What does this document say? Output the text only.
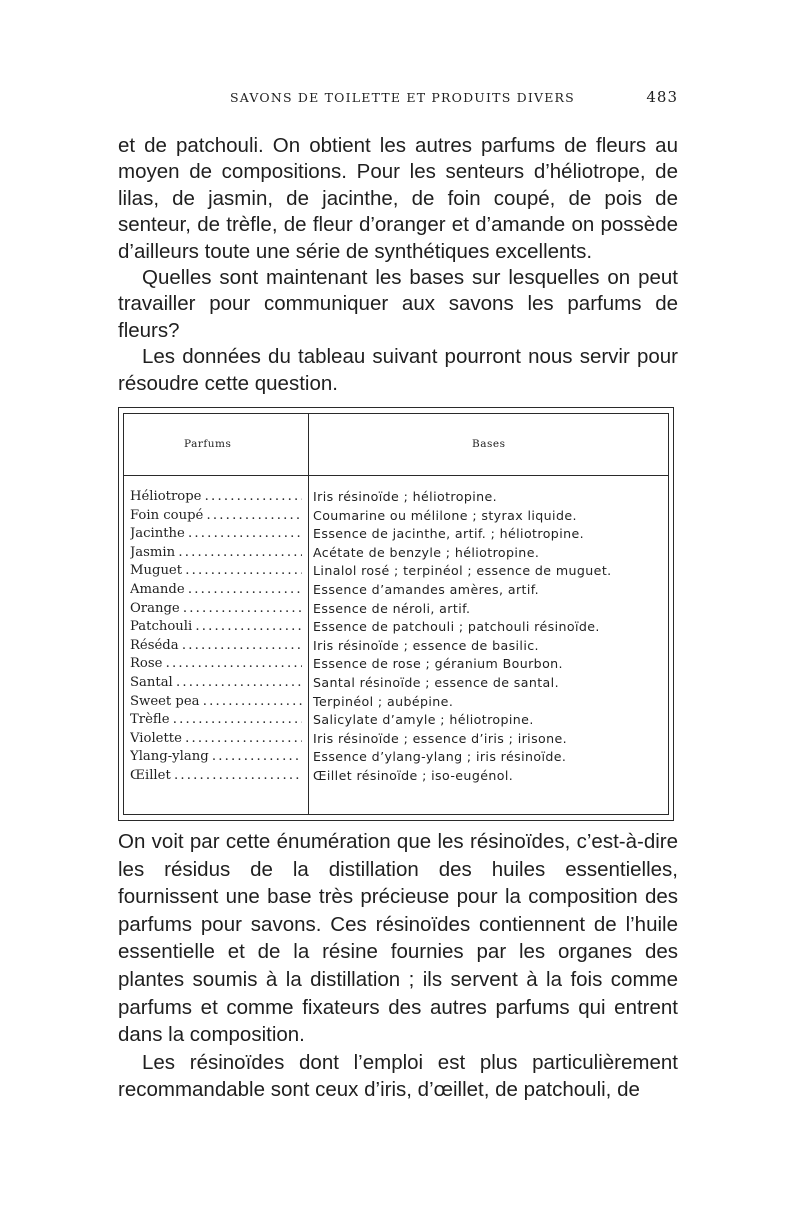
SAVONS DE TOILETTE ET PRODUITS DIVERS	483

et de patchouli. On obtient les autres parfums de fleurs au moyen de compositions. Pour les senteurs d’héliotrope, de lilas, de jasmin, de jacinthe, de foin coupé, de pois de senteur, de trèfle, de fleur d’oranger et d’amande on possède d’ailleurs toute une série de synthétiques excellents.

Quelles sont maintenant les bases sur lesquelles on peut travailler pour communiquer aux savons les parfums de fleurs?

Les données du tableau suivant pourront nous servir pour résoudre cette question.

Parfums	Bases
Héliotrope . . .	Iris résinoïde ; héliotropine.
Foin coupé . . .	Coumarine ou mélilone ; styrax liquide.
Jacinthe . . .	Essence de jacinthe, artif. ; héliotropine.
Jasmin . . .	Acétate de benzyle ; héliotropine.
Muguet . . .	Linalol rosé ; terpinéol ; essence de muguet.
Amande . . .	Essence d’amandes amères, artif.
Orange . . .	Essence de néroli, artif.
Patchouli . . .	Essence de patchouli ; patchouli résinoïde.
Réséda . . .	Iris résinoïde ; essence de basilic.
Rose . . .	Essence de rose ; géranium Bourbon.
Santal . . .	Santal résinoïde ; essence de santal.
Sweet pea . . .	Terpinéol ; aubépine.
Trèfle . . .	Salicylate d’amyle ; héliotropine.
Violette . . .	Iris résinoïde ; essence d’iris ; irisone.
Ylang-ylang . . .	Essence d’ylang-ylang ; iris résinoïde.
Œillet . . .	Œillet résinoïde ; iso-eugénol.

On voit par cette énumération que les résinoïdes, c’est-à-dire les résidus de la distillation des huiles essentielles, fournissent une base très précieuse pour la composition des parfums pour savons. Ces résinoïdes contiennent de l’huile essentielle et de la résine fournies par les organes des plantes soumis à la distillation ; ils servent à la fois comme parfums et comme fixateurs des autres parfums qui entrent dans la composition.

Les résinoïdes dont l’emploi est plus particulièrement recommandable sont ceux d’iris, d’œillet, de patchouli, de
